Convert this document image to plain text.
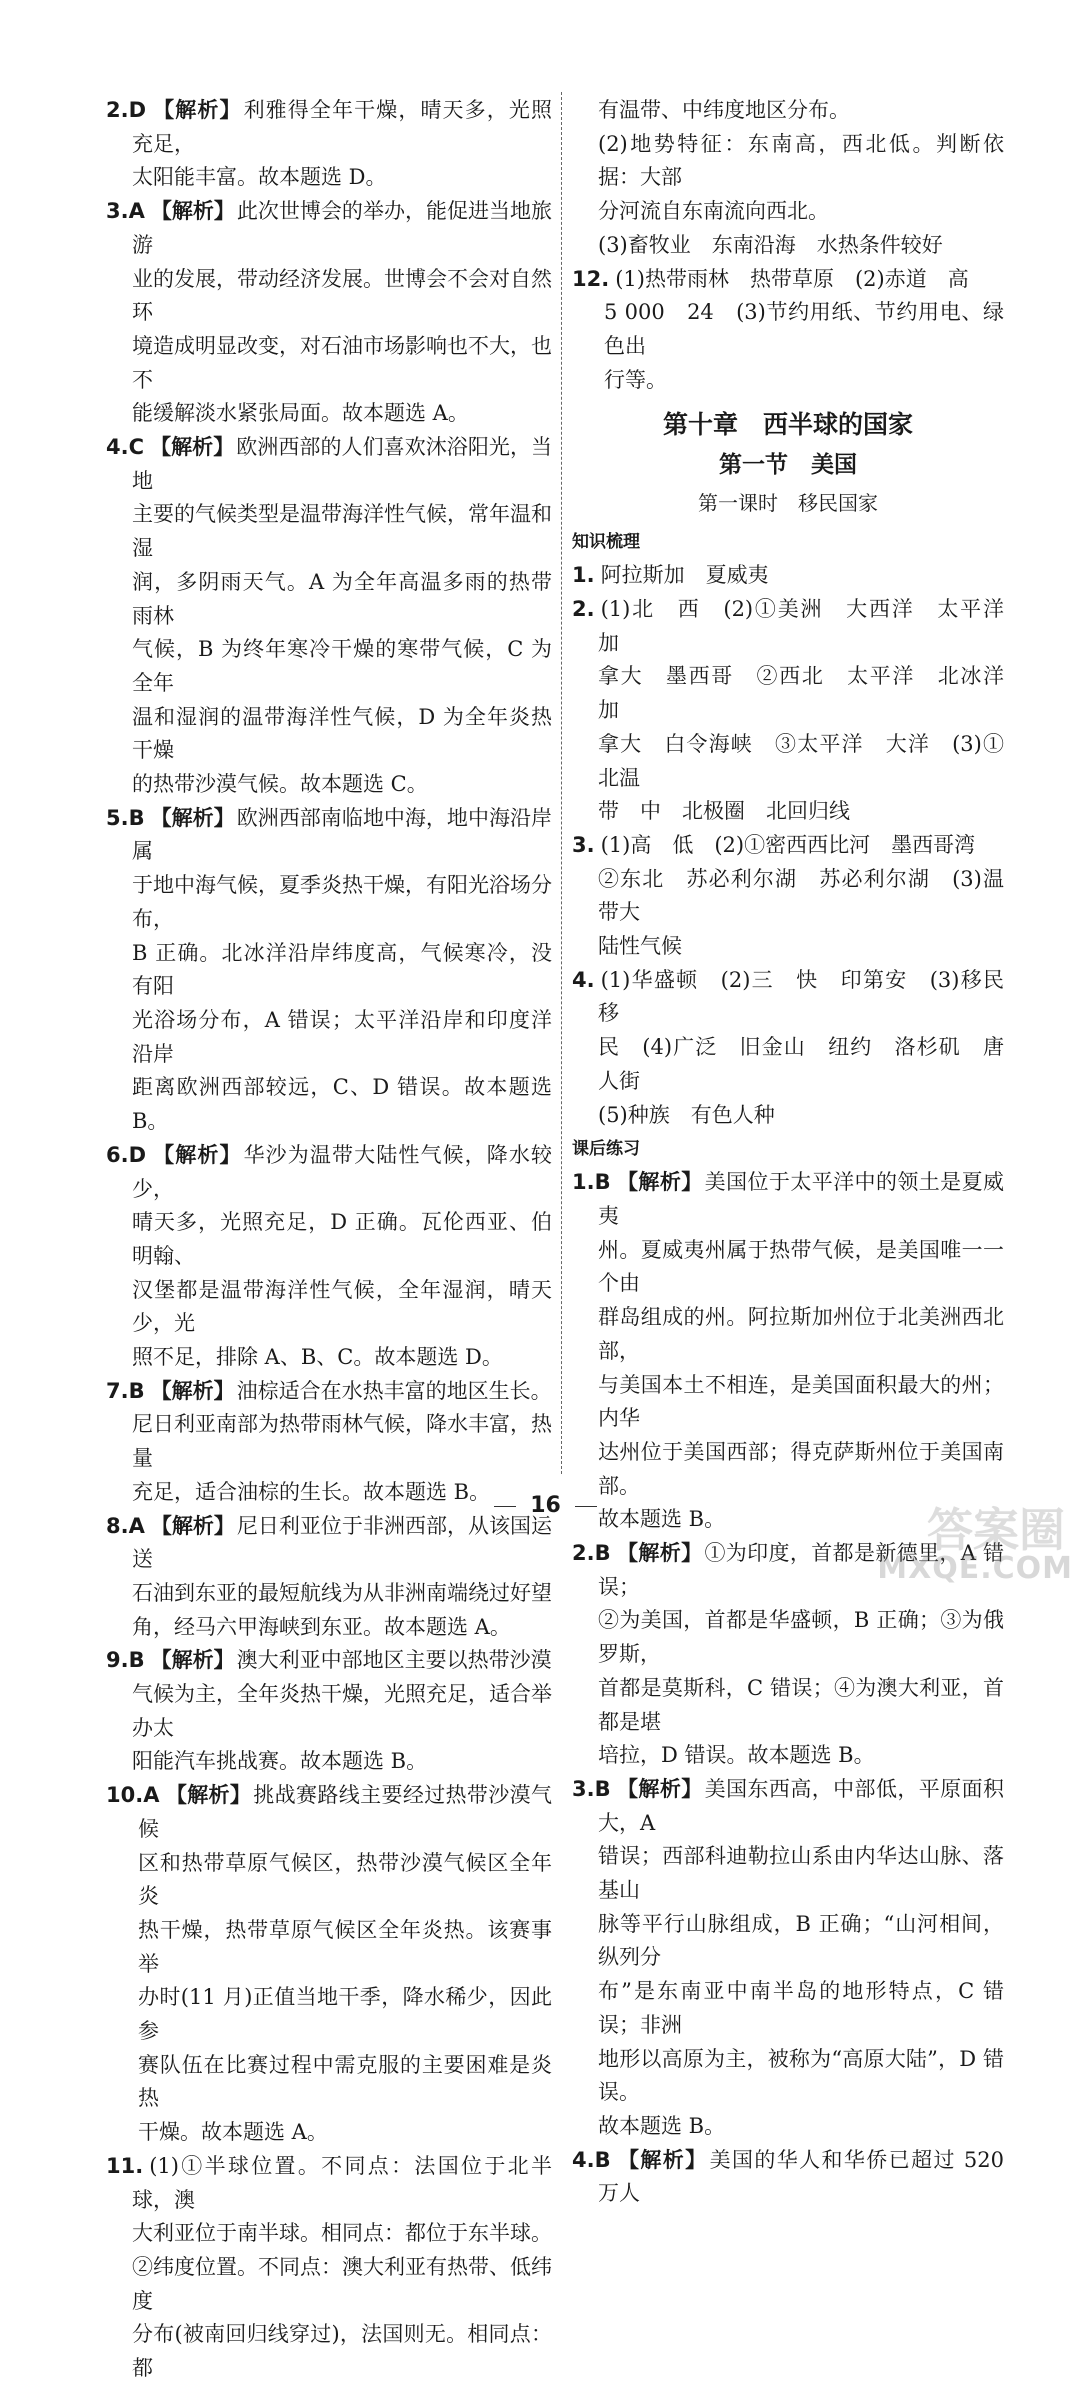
2.D 【解析】利雅得全年干燥，晴天多，光照充足，
太阳能丰富。故本题选 D。

3.A 【解析】此次世博会的举办，能促进当地旅游
业的发展，带动经济发展。世博会不会对自然环
境造成明显改变，对石油市场影响也不大，也不
能缓解淡水紧张局面。故本题选 A。

4.C 【解析】欧洲西部的人们喜欢沐浴阳光，当地
主要的气候类型是温带海洋性气候，常年温和湿
润，多阴雨天气。A 为全年高温多雨的热带雨林
气候，B 为终年寒冷干燥的寒带气候，C 为全年
温和湿润的温带海洋性气候，D 为全年炎热干燥
的热带沙漠气候。故本题选 C。

5.B 【解析】欧洲西部南临地中海，地中海沿岸属
于地中海气候，夏季炎热干燥，有阳光浴场分布，
B 正确。北冰洋沿岸纬度高，气候寒冷，没有阳
光浴场分布，A 错误；太平洋沿岸和印度洋沿岸
距离欧洲西部较远，C、D 错误。故本题选 B。

6.D 【解析】华沙为温带大陆性气候，降水较少，
晴天多，光照充足，D 正确。瓦伦西亚、伯明翰、
汉堡都是温带海洋性气候，全年湿润，晴天少，光
照不足，排除 A、B、C。故本题选 D。

7.B 【解析】油棕适合在水热丰富的地区生长。
尼日利亚南部为热带雨林气候，降水丰富，热量
充足，适合油棕的生长。故本题选 B。

8.A 【解析】尼日利亚位于非洲西部，从该国运送
石油到东亚的最短航线为从非洲南端绕过好望
角，经马六甲海峡到东亚。故本题选 A。

9.B 【解析】澳大利亚中部地区主要以热带沙漠
气候为主，全年炎热干燥，光照充足，适合举办太
阳能汽车挑战赛。故本题选 B。

10.A 【解析】挑战赛路线主要经过热带沙漠气候
区和热带草原气候区，热带沙漠气候区全年炎
热干燥，热带草原气候区全年炎热。该赛事举
办时(11 月)正值当地干季，降水稀少，因此参
赛队伍在比赛过程中需克服的主要困难是炎热
干燥。故本题选 A。

11. (1)①半球位置。不同点：法国位于北半球，澳
大利亚位于南半球。相同点：都位于东半球。
②纬度位置。不同点：澳大利亚有热带、低纬度
分布(被南回归线穿过)，法国则无。相同点：都

有温带、中纬度地区分布。
(2)地势特征：东南高，西北低。判断依据：大部
分河流自东南流向西北。
(3)畜牧业　东南沿海　水热条件较好

12. (1)热带雨林　热带草原　(2)赤道　高
5 000　24　(3)节约用纸、节约用电、绿色出
行等。

第十章　西半球的国家
第一节　美国
第一课时　移民国家
知识梳理

1. 阿拉斯加　夏威夷

2. (1)北　西　(2)①美洲　大西洋　太平洋　加
拿大　墨西哥　②西北　太平洋　北冰洋　加
拿大　白令海峡　③太平洋　大洋　(3)①北温
带　中　北极圈　北回归线

3. (1)高　低　(2)①密西西比河　墨西哥湾
②东北　苏必利尔湖　苏必利尔湖　(3)温带大
陆性气候

4. (1)华盛顿　(2)三　快　印第安　(3)移民　移
民　(4)广泛　旧金山　纽约　洛杉矶　唐人街
(5)种族　有色人种

课后练习

1.B 【解析】美国位于太平洋中的领土是夏威夷
州。夏威夷州属于热带气候，是美国唯一一个由
群岛组成的州。阿拉斯加州位于北美洲西北部，
与美国本土不相连，是美国面积最大的州；内华
达州位于美国西部；得克萨斯州位于美国南部。
故本题选 B。

2.B 【解析】①为印度，首都是新德里，A 错误；
②为美国，首都是华盛顿，B 正确；③为俄罗斯，
首都是莫斯科，C 错误；④为澳大利亚，首都是堪
培拉，D 错误。故本题选 B。

3.B 【解析】美国东西高，中部低，平原面积大，A
错误；西部科迪勒拉山系由内华达山脉、落基山
脉等平行山脉组成，B 正确；“山河相间，纵列分
布”是东南亚中南半岛的地形特点，C 错误；非洲
地形以高原为主，被称为“高原大陆”，D 错误。
故本题选 B。

4.B 【解析】美国的华人和华侨已超过 520 万人

16	答案圈
MXQE.COM
